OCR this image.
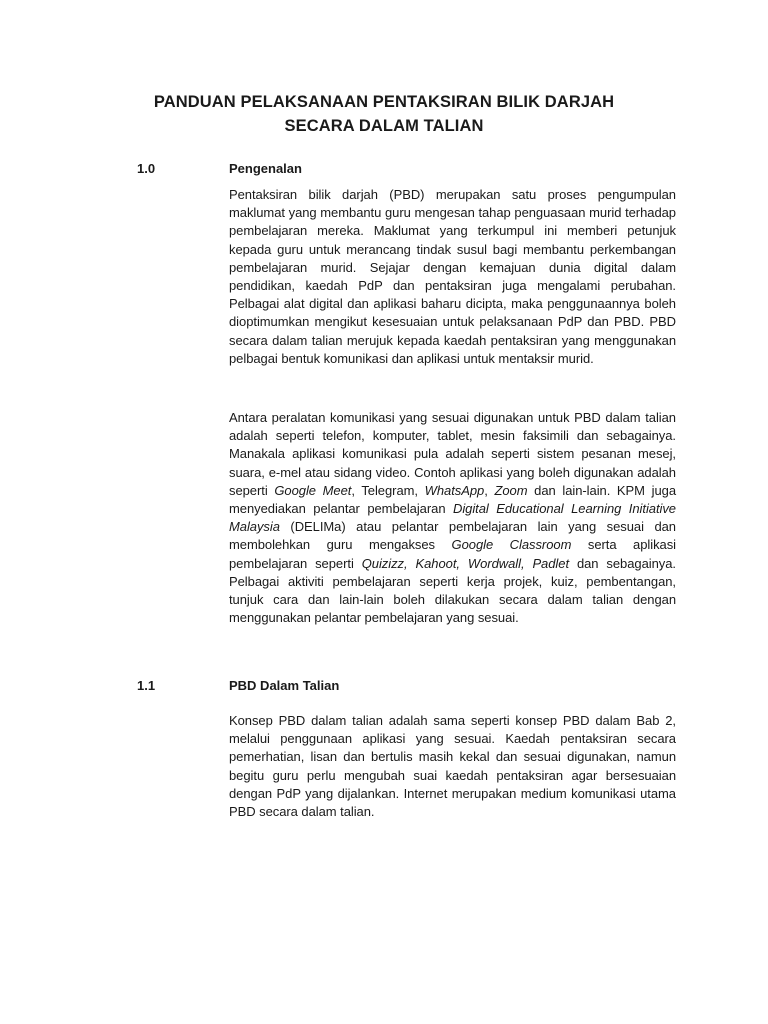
PANDUAN PELAKSANAAN PENTAKSIRAN BILIK DARJAH
SECARA DALAM TALIAN
1.0	Pengenalan
Pentaksiran bilik darjah (PBD) merupakan satu proses pengumpulan maklumat yang membantu guru mengesan tahap penguasaan murid terhadap pembelajaran mereka. Maklumat yang terkumpul ini memberi petunjuk kepada guru untuk merancang tindak susul bagi membantu perkembangan pembelajaran murid. Sejajar dengan kemajuan dunia digital dalam pendidikan, kaedah PdP dan pentaksiran juga mengalami perubahan. Pelbagai alat digital dan aplikasi baharu dicipta, maka penggunaannya boleh dioptimumkan mengikut kesesuaian untuk pelaksanaan PdP dan PBD. PBD secara dalam talian merujuk kepada kaedah pentaksiran yang menggunakan pelbagai bentuk komunikasi dan aplikasi untuk mentaksir murid.
Antara peralatan komunikasi yang sesuai digunakan untuk PBD dalam talian adalah seperti telefon, komputer, tablet, mesin faksimili dan sebagainya. Manakala aplikasi komunikasi pula adalah seperti sistem pesanan mesej, suara, e-mel atau sidang video. Contoh aplikasi yang boleh digunakan adalah seperti Google Meet, Telegram, WhatsApp, Zoom dan lain-lain. KPM juga menyediakan pelantar pembelajaran Digital Educational Learning Initiative Malaysia (DELIMa) atau pelantar pembelajaran lain yang sesuai dan membolehkan guru mengakses Google Classroom serta aplikasi pembelajaran seperti Quizizz, Kahoot, Wordwall, Padlet dan sebagainya. Pelbagai aktiviti pembelajaran seperti kerja projek, kuiz, pembentangan, tunjuk cara dan lain-lain boleh dilakukan secara dalam talian dengan menggunakan pelantar pembelajaran yang sesuai.
1.1	PBD Dalam Talian
Konsep PBD dalam talian adalah sama seperti konsep PBD dalam Bab 2, melalui penggunaan aplikasi yang sesuai. Kaedah pentaksiran secara pemerhatian, lisan dan bertulis masih kekal dan sesuai digunakan, namun begitu guru perlu mengubah suai kaedah pentaksiran agar bersesuaian dengan PdP yang dijalankan. Internet merupakan medium komunikasi utama PBD secara dalam talian.
